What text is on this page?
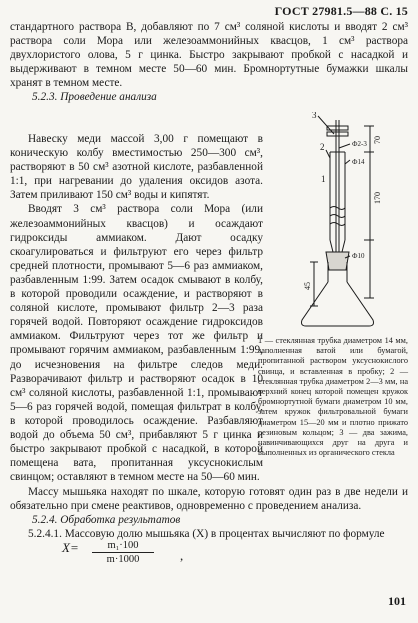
ГОСТ 27981.5—88 С. 15

стандартного раствора В, добавляют по 7 см³ соляной кислоты и вводят 2 см³ раствора соли Мора или железоаммонийных квасцов, 1 см³ раствора двухлористого олова, 5 г цинка. Быстро закрывают пробкой с насадкой и выдерживают в темном месте 50—60 мин. Бромнортутные бумажки шкалы хранят в темном месте.

5.2.3. Проведение анализа

Навеску меди массой 3,00 г помещают в коническую колбу вместимостью 250—300 см³, растворяют в 50 см³ азотной кислоте, разбавленной 1:1, при нагревании до удаления оксидов азота. Затем приливают 150 см³ воды и кипятят.

Вводят 3 см³ раствора соли Мора (или железоаммонийных квасцов) и осаждают гидроксиды аммиаком. Дают осадку скоагулироваться и фильтруют его через фильтр средней плотности, промывают 5—6 раз аммиаком, разбавленным 1:99. Затем осадок смывают в колбу, в которой проводили осаждение, и растворяют в соляной кислоте, промывают фильтр 2—3 раза горячей водой. Повторяют осаждение гидроксидов аммиаком. Фильтруют через тот же фильтр и промывают горячим аммиаком, разбавленным 1:99, до исчезновения на фильтре следов меди. Разворачивают фильтр и растворяют осадок в 10 см³ соляной кислоты, разбавленной 1:1, промывают 5—6 раз горячей водой, помещая фильтрат в колбу, в которой проводилось осаждение. Разбавляют водой до объема 50 см³, прибавляют 5 г цинка и быстро закрывают пробкой с насадкой, в которой помещена вата, пропитанная уксуснокислым свинцом; оставляют в темном месте на 50—60 мин.

3
2
1
Ф2-3
Ф14
Ф10
70
170
45

1 — стеклянная трубка диаметром 14 мм, заполненная ватой или бумагой, пропитанной раствором уксуснокислого свинца, и вставленная в пробку; 2 — стеклянная трубка диаметром 2—3 мм, на верхний конец которой помещен кружок бромнортутной бумаги диаметром 10 мм, затем кружок фильтровальной бумаги диаметром 15—20 мм и плотно прижато резиновым кольцом; 3 — два зажима, навинчивающихся друг на друга и выполненных из органического стекла

Массу мышьяка находят по шкале, которую готовят один раз в две недели и обязательно при смене реактивов, одновременно с проведением анализа.

5.2.4. Обработка результатов

5.2.4.1. Массовую долю мышьяка (X) в процентах вычисляют по формуле

$X= \frac{\text{m₁·100}}{m\cdot 1000}$ ,
101
